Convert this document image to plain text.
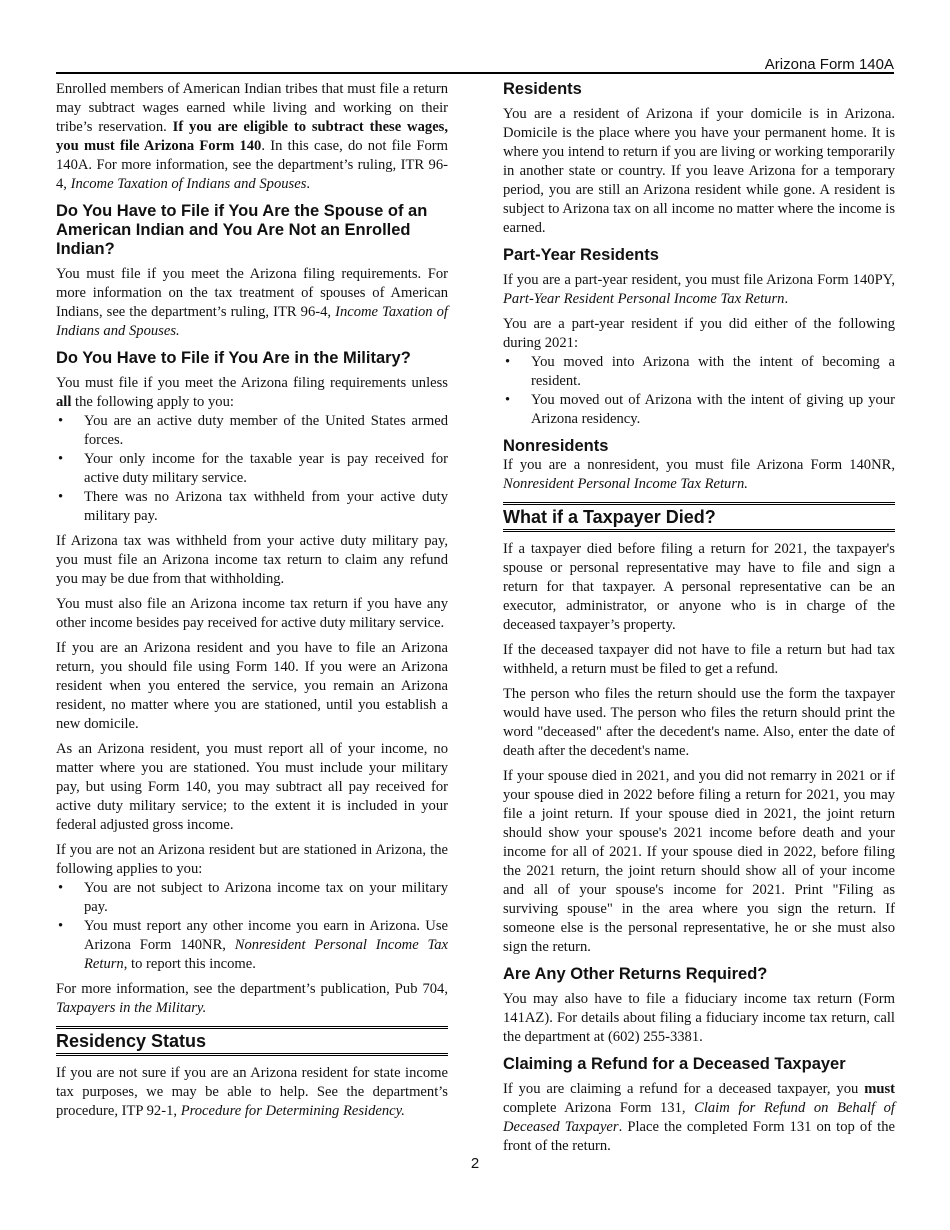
Arizona Form 140A

Enrolled members of American Indian tribes that must file a return may subtract wages earned while living and working on their tribe’s reservation. If you are eligible to subtract these wages, you must file Arizona Form 140. In this case, do not file Form 140A. For more information, see the department’s ruling, ITR 96-4, Income Taxation of Indians and Spouses.

Do You Have to File if You Are the Spouse of an American Indian and You Are Not an Enrolled Indian?

You must file if you meet the Arizona filing requirements. For more information on the tax treatment of spouses of American Indians, see the department’s ruling, ITR 96-4, Income Taxation of Indians and Spouses.

Do You Have to File if You Are in the Military?

You must file if you meet the Arizona filing requirements unless all the following apply to you:

• You are an active duty member of the United States armed forces.
• Your only income for the taxable year is pay received for active duty military service.
• There was no Arizona tax withheld from your active duty military pay.

If Arizona tax was withheld from your active duty military pay, you must file an Arizona income tax return to claim any refund you may be due from that withholding.

You must also file an Arizona income tax return if you have any other income besides pay received for active duty military service.

If you are an Arizona resident and you have to file an Arizona return, you should file using Form 140. If you were an Arizona resident when you entered the service, you remain an Arizona resident, no matter where you are stationed, until you establish a new domicile.

As an Arizona resident, you must report all of your income, no matter where you are stationed. You must include your military pay, but using Form 140, you may subtract all pay received for active duty military service; to the extent it is included in your federal adjusted gross income.

If you are not an Arizona resident but are stationed in Arizona, the following applies to you:

• You are not subject to Arizona income tax on your military pay.
• You must report any other income you earn in Arizona. Use Arizona Form 140NR, Nonresident Personal Income Tax Return, to report this income.

For more information, see the department’s publication, Pub 704, Taxpayers in the Military.

Residency Status

If you are not sure if you are an Arizona resident for state income tax purposes, we may be able to help. See the department’s procedure, ITP 92-1, Procedure for Determining Residency.

Residents

You are a resident of Arizona if your domicile is in Arizona. Domicile is the place where you have your permanent home. It is where you intend to return if you are living or working temporarily in another state or country. If you leave Arizona for a temporary period, you are still an Arizona resident while gone. A resident is subject to Arizona tax on all income no matter where the income is earned.

Part-Year Residents

If you are a part-year resident, you must file Arizona Form 140PY, Part-Year Resident Personal Income Tax Return.

You are a part-year resident if you did either of the following during 2021:

• You moved into Arizona with the intent of becoming a resident.
• You moved out of Arizona with the intent of giving up your Arizona residency.
Nonresidents

If you are a nonresident, you must file Arizona Form 140NR, Nonresident Personal Income Tax Return.

What if a Taxpayer Died?

If a taxpayer died before filing a return for 2021, the taxpayer's spouse or personal representative may have to file and sign a return for that taxpayer. A personal representative can be an executor, administrator, or anyone who is in charge of the deceased taxpayer’s property.

If the deceased taxpayer did not have to file a return but had tax withheld, a return must be filed to get a refund.

The person who files the return should use the form the taxpayer would have used. The person who files the return should print the word "deceased" after the decedent's name. Also, enter the date of death after the decedent's name.

If your spouse died in 2021, and you did not remarry in 2021 or if your spouse died in 2022 before filing a return for 2021, you may file a joint return. If your spouse died in 2021, the joint return should show your spouse's 2021 income before death and your income for all of 2021. If your spouse died in 2022, before filing the 2021 return, the joint return should show all of your income and all of your spouse's income for 2021. Print "Filing as surviving spouse" in the area where you sign the return. If someone else is the personal representative, he or she must also sign the return.

Are Any Other Returns Required?

You may also have to file a fiduciary income tax return (Form 141AZ). For details about filing a fiduciary income tax return, call the department at (602) 255-3381.

Claiming a Refund for a Deceased Taxpayer

If you are claiming a refund for a deceased taxpayer, you must complete Arizona Form 131, Claim for Refund on Behalf of Deceased Taxpayer. Place the completed Form 131 on top of the front of the return.

2
